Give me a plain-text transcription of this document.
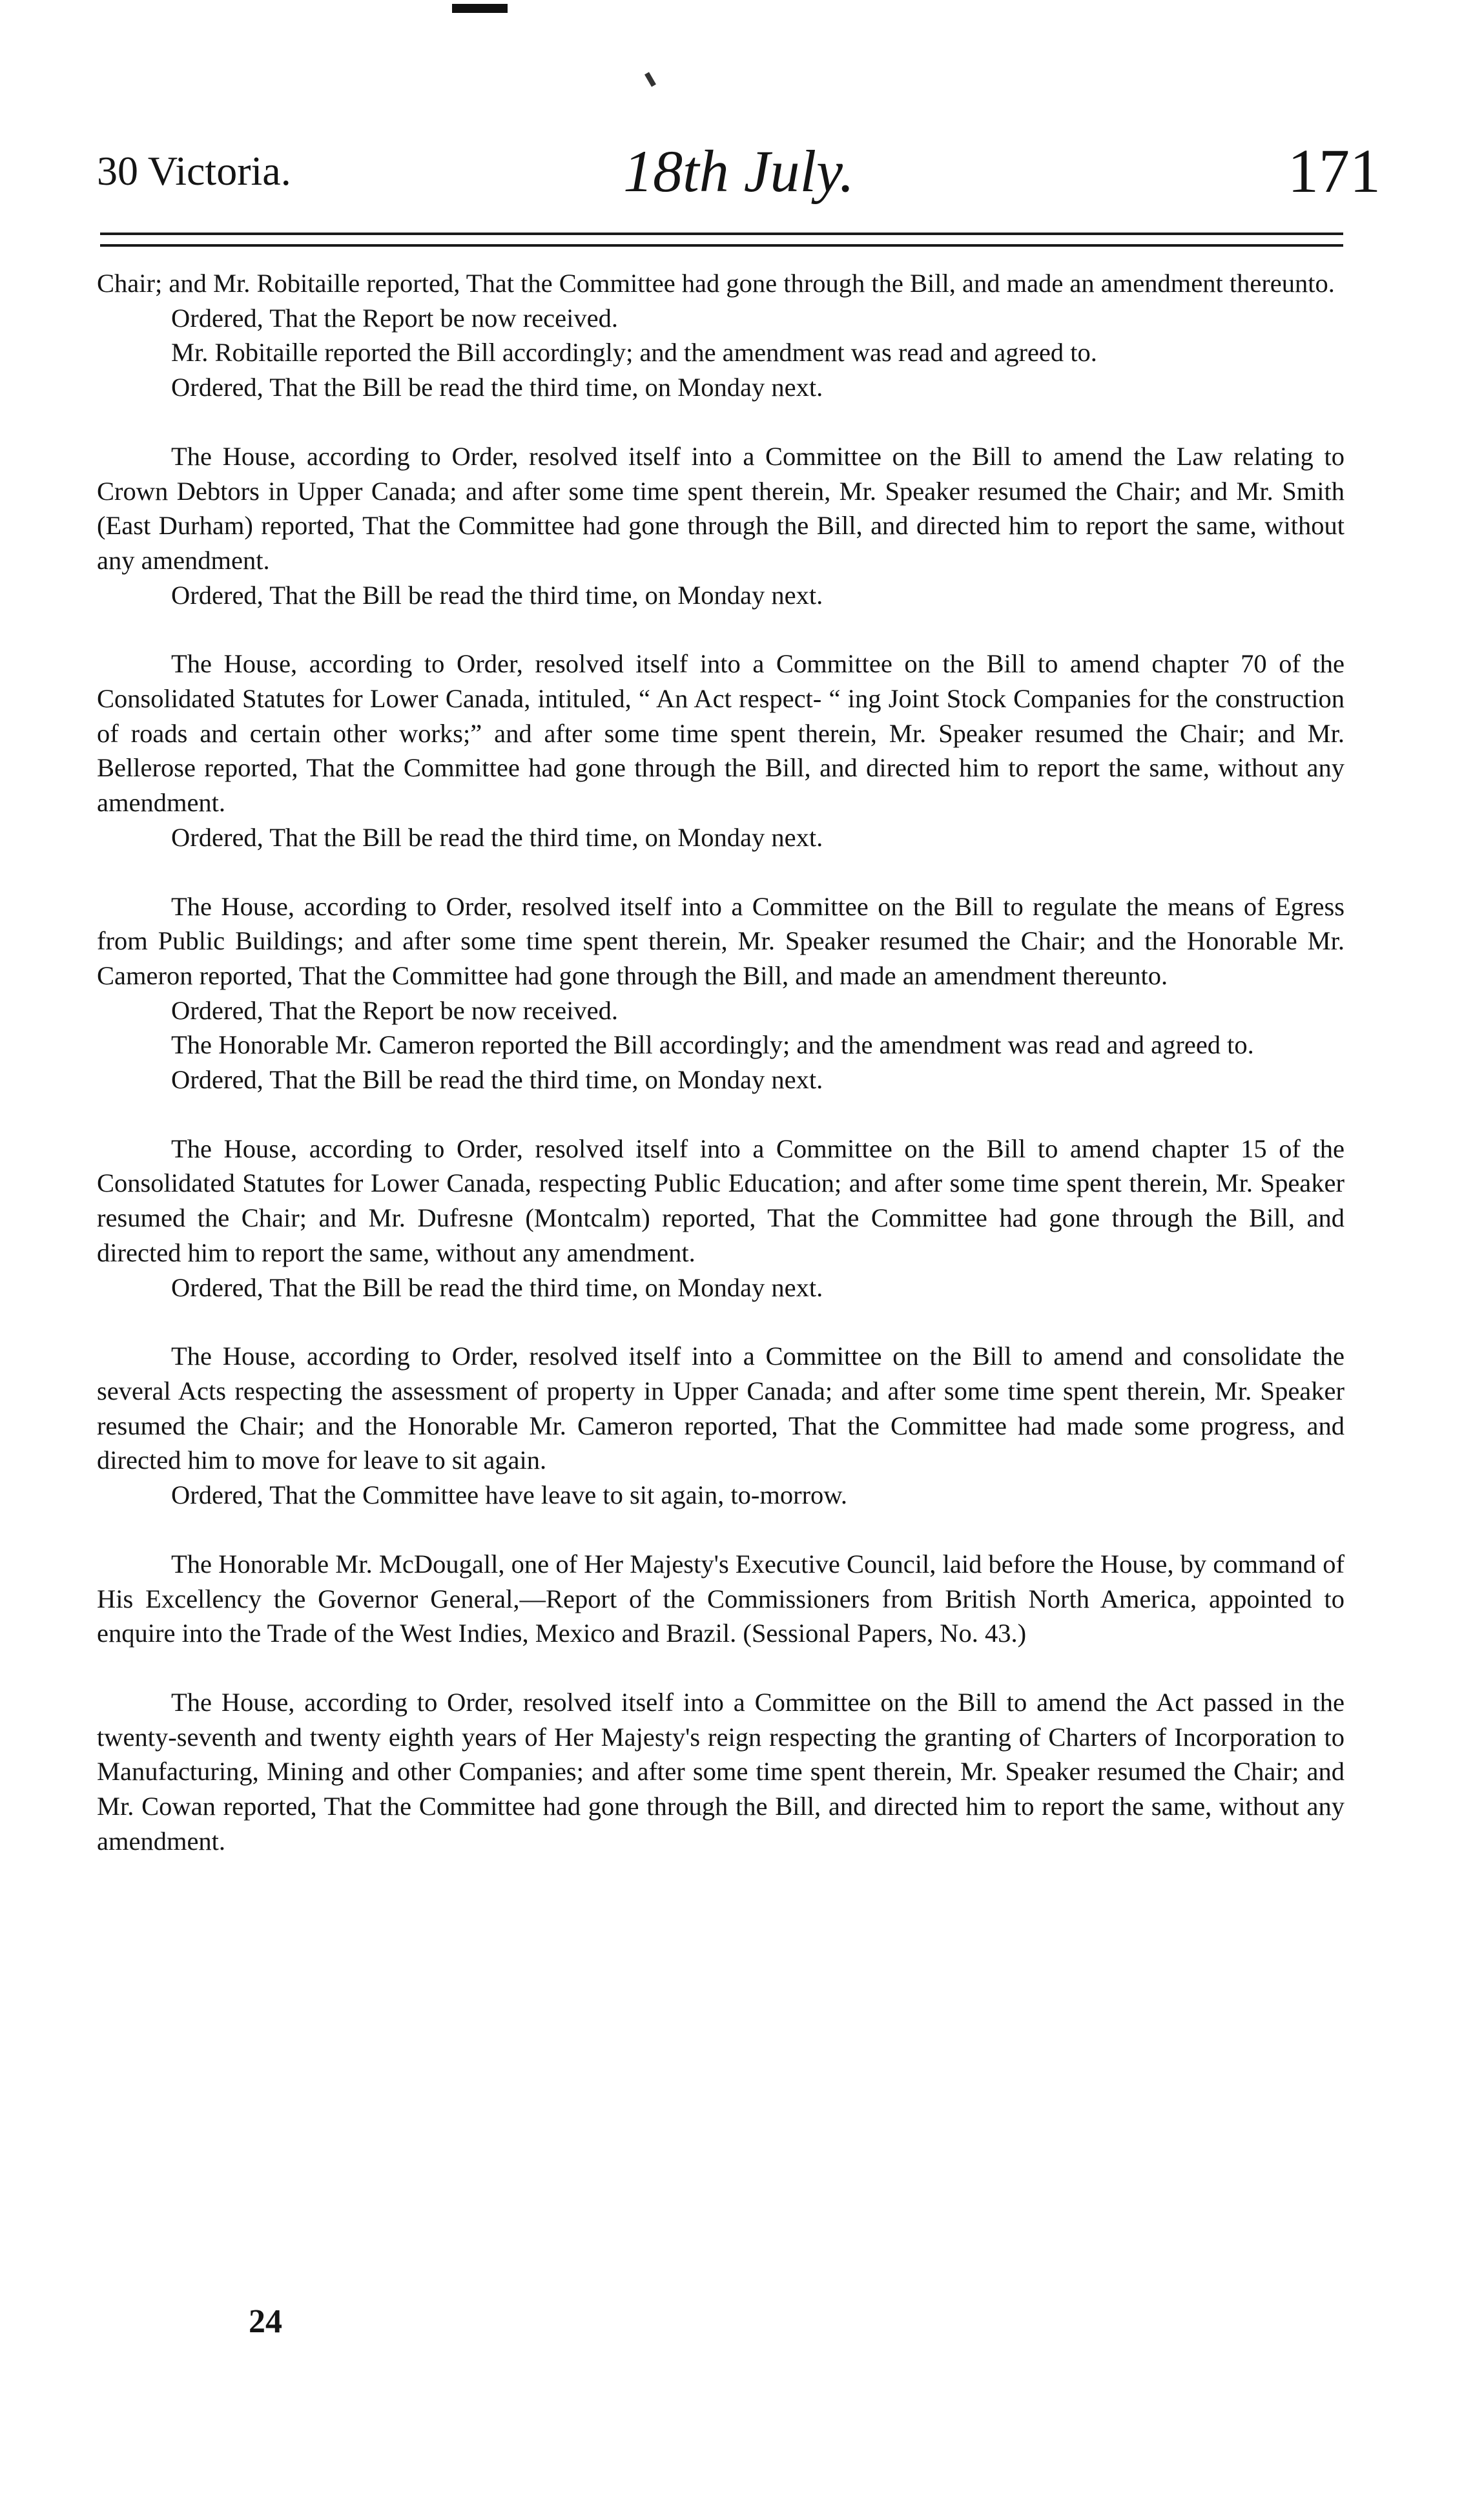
30 Victoria.	18th July.	171

Chair; and Mr. Robitaille reported, That the Committee had gone through the Bill, and made an amendment thereunto.

Ordered, That the Report be now received.

Mr. Robitaille reported the Bill accordingly; and the amendment was read and agreed to.

Ordered, That the Bill be read the third time, on Monday next.

The House, according to Order, resolved itself into a Committee on the Bill to amend the Law relating to Crown Debtors in Upper Canada; and after some time spent therein, Mr. Speaker resumed the Chair; and Mr. Smith (East Durham) reported, That the Committee had gone through the Bill, and directed him to report the same, without any amendment.

Ordered, That the Bill be read the third time, on Monday next.

The House, according to Order, resolved itself into a Committee on the Bill to amend chapter 70 of the Consolidated Statutes for Lower Canada, intituled, “ An Act respect- “ ing Joint Stock Companies for the construction of roads and certain other works;” and after some time spent therein, Mr. Speaker resumed the Chair; and Mr. Bellerose reported, That the Committee had gone through the Bill, and directed him to report the same, without any amendment.

Ordered, That the Bill be read the third time, on Monday next.

The House, according to Order, resolved itself into a Committee on the Bill to regulate the means of Egress from Public Buildings; and after some time spent therein, Mr. Speaker resumed the Chair; and the Honorable Mr. Cameron reported, That the Committee had gone through the Bill, and made an amendment thereunto.

Ordered, That the Report be now received.

The Honorable Mr. Cameron reported the Bill accordingly; and the amendment was read and agreed to.

Ordered, That the Bill be read the third time, on Monday next.

The House, according to Order, resolved itself into a Committee on the Bill to amend chapter 15 of the Consolidated Statutes for Lower Canada, respecting Public Education; and after some time spent therein, Mr. Speaker resumed the Chair; and Mr. Dufresne (Montcalm) reported, That the Committee had gone through the Bill, and directed him to report the same, without any amendment.

Ordered, That the Bill be read the third time, on Monday next.

The House, according to Order, resolved itself into a Committee on the Bill to amend and consolidate the several Acts respecting the assessment of property in Upper Canada; and after some time spent therein, Mr. Speaker resumed the Chair; and the Honorable Mr. Cameron reported, That the Committee had made some progress, and directed him to move for leave to sit again.

Ordered, That the Committee have leave to sit again, to-morrow.

The Honorable Mr. McDougall, one of Her Majesty's Executive Council, laid before the House, by command of His Excellency the Governor General,—Report of the Commissioners from British North America, appointed to enquire into the Trade of the West Indies, Mexico and Brazil. (Sessional Papers, No. 43.)

The House, according to Order, resolved itself into a Committee on the Bill to amend the Act passed in the twenty-seventh and twenty eighth years of Her Majesty's reign respecting the granting of Charters of Incorporation to Manufacturing, Mining and other Companies; and after some time spent therein, Mr. Speaker resumed the Chair; and Mr. Cowan reported, That the Committee had gone through the Bill, and directed him to report the same, without any amendment.

24
